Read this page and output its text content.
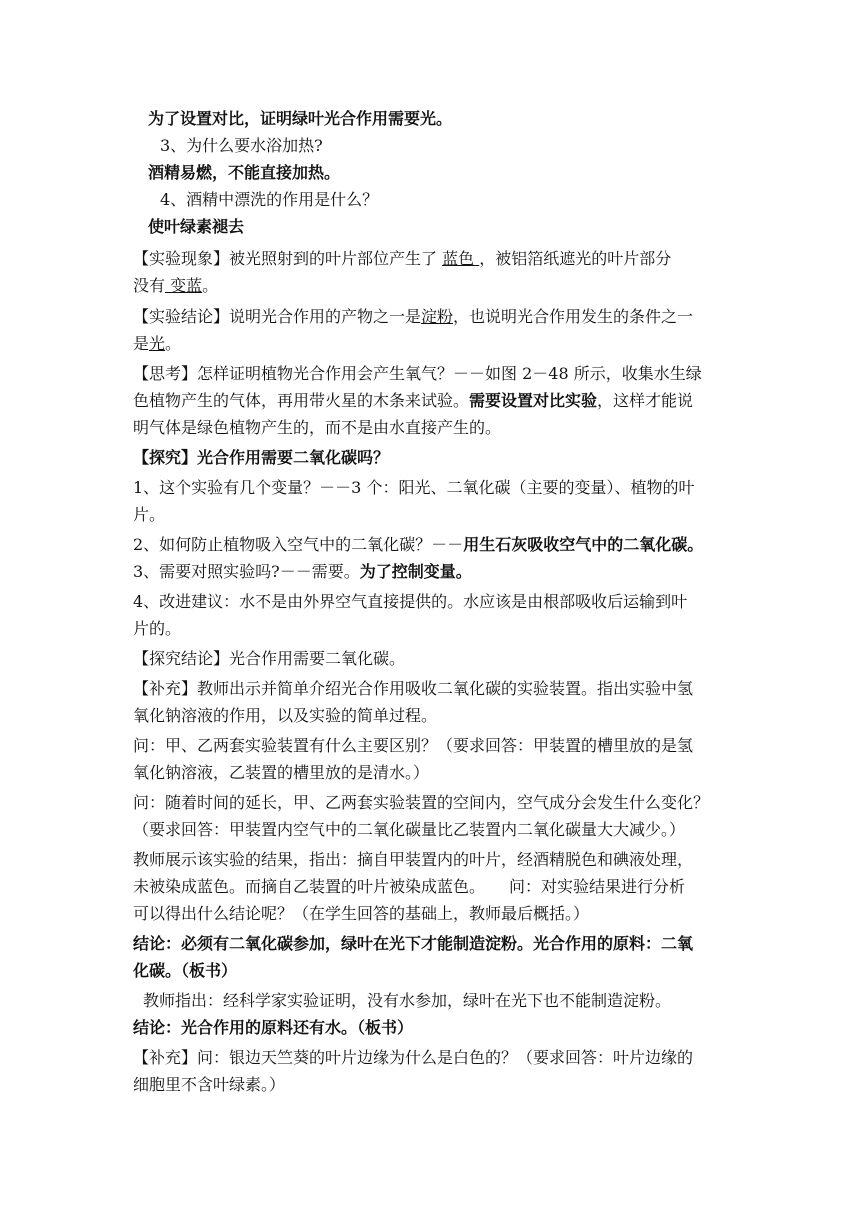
为了设置对比，证明绿叶光合作用需要光。
3、为什么要水浴加热?
酒精易燃，不能直接加热。
4、酒精中漂洗的作用是什么？
使叶绿素褪去
【实验现象】被光照射到的叶片部位产生了 蓝色 ，被铝箔纸遮光的叶片部分
没有 变蓝。
【实验结论】说明光合作用的产物之一是淀粉，也说明光合作用发生的条件之一
是光。
【思考】怎样证明植物光合作用会产生氧气？－－如图 2－48 所示，收集水生绿
色植物产生的气体，再用带火星的木条来试验。需要设置对比实验，这样才能说
明气体是绿色植物产生的，而不是由水直接产生的。
【探究】光合作用需要二氧化碳吗？
1、这个实验有几个变量？－－3 个：阳光、二氧化碳（主要的变量）、植物的叶
片。
2、如何防止植物吸入空气中的二氧化碳？－－用生石灰吸收空气中的二氧化碳。
3、需要对照实验吗?－－需要。为了控制变量。
4、改进建议：水不是由外界空气直接提供的。水应该是由根部吸收后运输到叶
片的。
【探究结论】光合作用需要二氧化碳。
【补充】教师出示并简单介绍光合作用吸收二氧化碳的实验装置。指出实验中氢
氧化钠溶液的作用，以及实验的简单过程。
问：甲、乙两套实验装置有什么主要区别？（要求回答：甲装置的槽里放的是氢
氧化钠溶液，乙装置的槽里放的是清水。）
问：随着时间的延长，甲、乙两套实验装置的空间内，空气成分会发生什么变化？
（要求回答：甲装置内空气中的二氧化碳量比乙装置内二氧化碳量大大减少。）
教师展示该实验的结果，指出：摘自甲装置内的叶片，经酒精脱色和碘液处理，
未被染成蓝色。而摘自乙装置的叶片被染成蓝色。　　问：对实验结果进行分析
可以得出什么结论呢？（在学生回答的基础上，教师最后概括。）
结论：必须有二氧化碳参加，绿叶在光下才能制造淀粉。光合作用的原料：二氧
化碳。（板书）
教师指出：经科学家实验证明，没有水参加，绿叶在光下也不能制造淀粉。
结论：光合作用的原料还有水。（板书）
【补充】问：银边天竺葵的叶片边缘为什么是白色的？（要求回答：叶片边缘的
细胞里不含叶绿素。）
